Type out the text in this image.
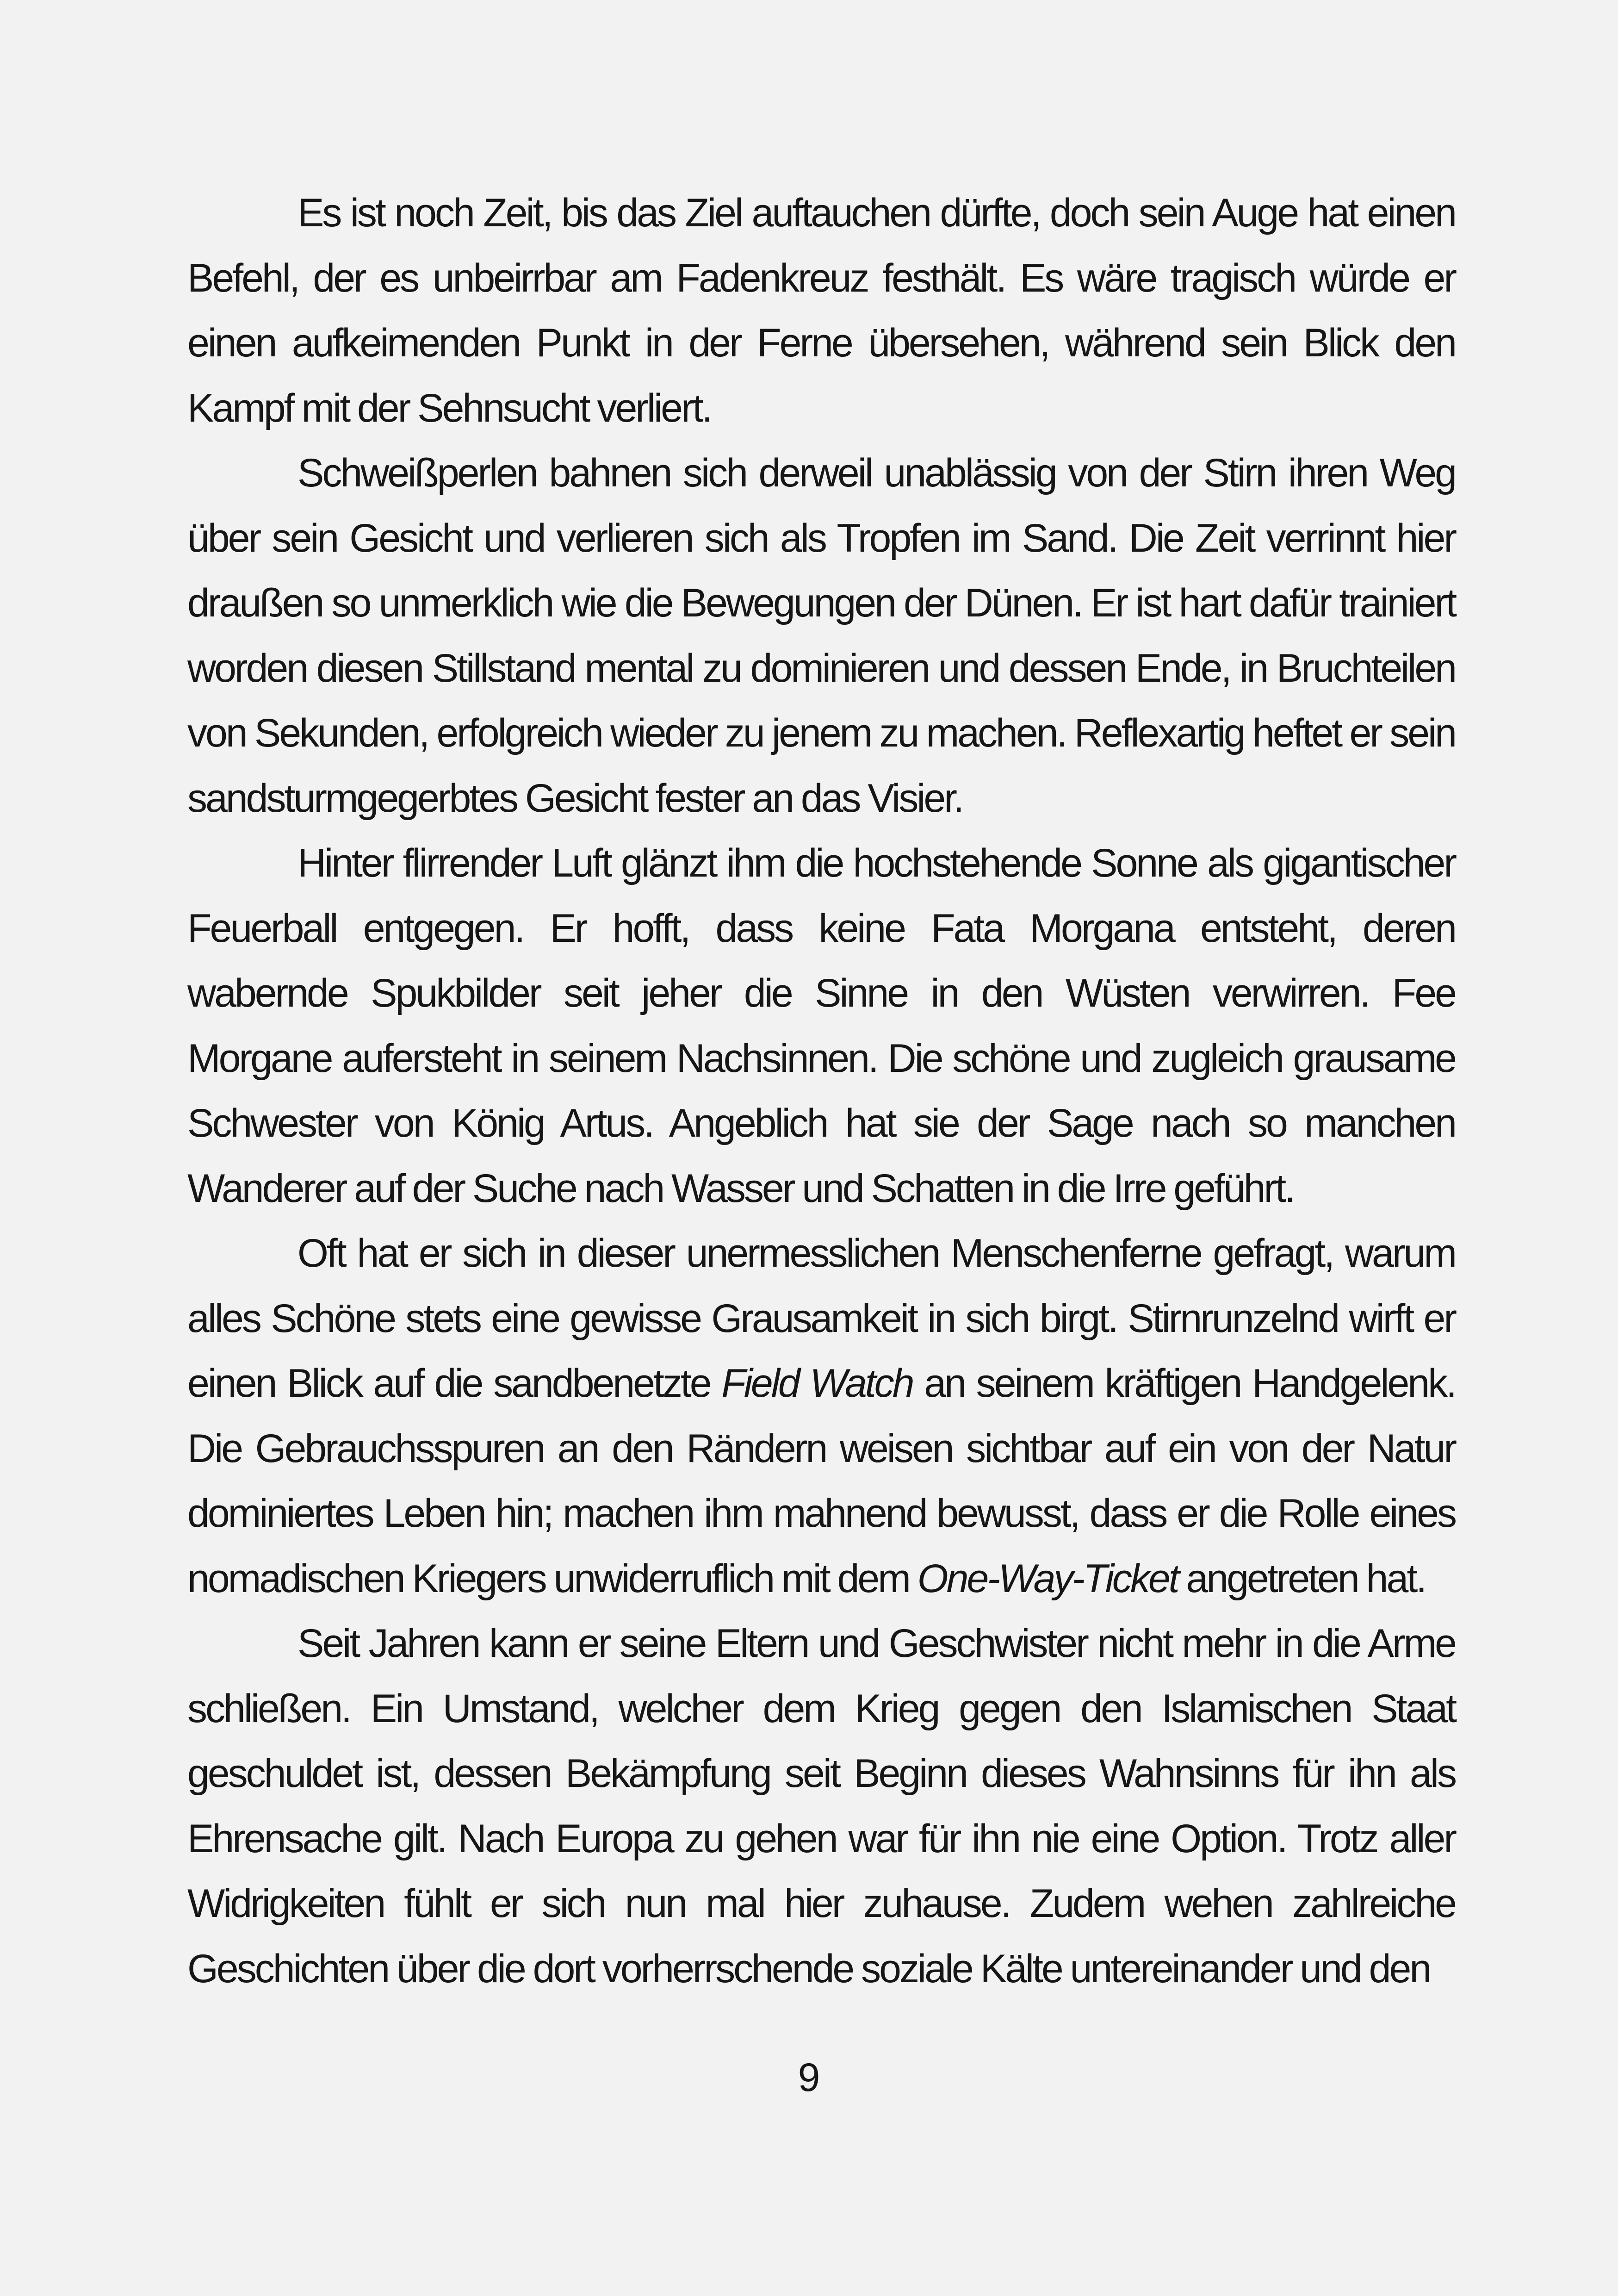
Es ist noch Zeit, bis das Ziel auftauchen dürfte, doch sein Auge hat einen Befehl, der es unbeirrbar am Fadenkreuz festhält. Es wäre tragisch würde er einen aufkeimenden Punkt in der Ferne übersehen, während sein Blick den Kampf mit der Sehnsucht verliert.

Schweißperlen bahnen sich derweil unablässig von der Stirn ihren Weg über sein Gesicht und verlieren sich als Tropfen im Sand. Die Zeit verrinnt hier draußen so unmerklich wie die Bewegungen der Dünen. Er ist hart dafür trainiert worden diesen Stillstand mental zu dominieren und dessen Ende, in Bruchteilen von Sekunden, erfolgreich wieder zu jenem zu machen. Reflexartig heftet er sein sandsturmgegerbtes Gesicht fester an das Visier.

Hinter flirrender Luft glänzt ihm die hochstehende Sonne als gigantischer Feuerball entgegen. Er hofft, dass keine Fata Morgana entsteht, deren wabernde Spukbilder seit jeher die Sinne in den Wüsten verwirren. Fee Morgane aufersteht in seinem Nachsinnen. Die schöne und zugleich grausame Schwester von König Artus. Angeblich hat sie der Sage nach so manchen Wanderer auf der Suche nach Wasser und Schatten in die Irre geführt.

Oft hat er sich in dieser unermesslichen Menschenferne gefragt, warum alles Schöne stets eine gewisse Grausamkeit in sich birgt. Stirnrunzelnd wirft er einen Blick auf die sandbenetzte Field Watch an seinem kräftigen Handgelenk. Die Gebrauchsspuren an den Rändern weisen sichtbar auf ein von der Natur dominiertes Leben hin; machen ihm mahnend bewusst, dass er die Rolle eines nomadischen Kriegers unwiderruflich mit dem One-Way-Ticket angetreten hat.

Seit Jahren kann er seine Eltern und Geschwister nicht mehr in die Arme schließen. Ein Umstand, welcher dem Krieg gegen den Islamischen Staat geschuldet ist, dessen Bekämpfung seit Beginn dieses Wahnsinns für ihn als Ehrensache gilt. Nach Europa zu gehen war für ihn nie eine Option. Trotz aller Widrigkeiten fühlt er sich nun mal hier zuhause. Zudem wehen zahlreiche Geschichten über die dort vorherrschende soziale Kälte untereinander und den

9
